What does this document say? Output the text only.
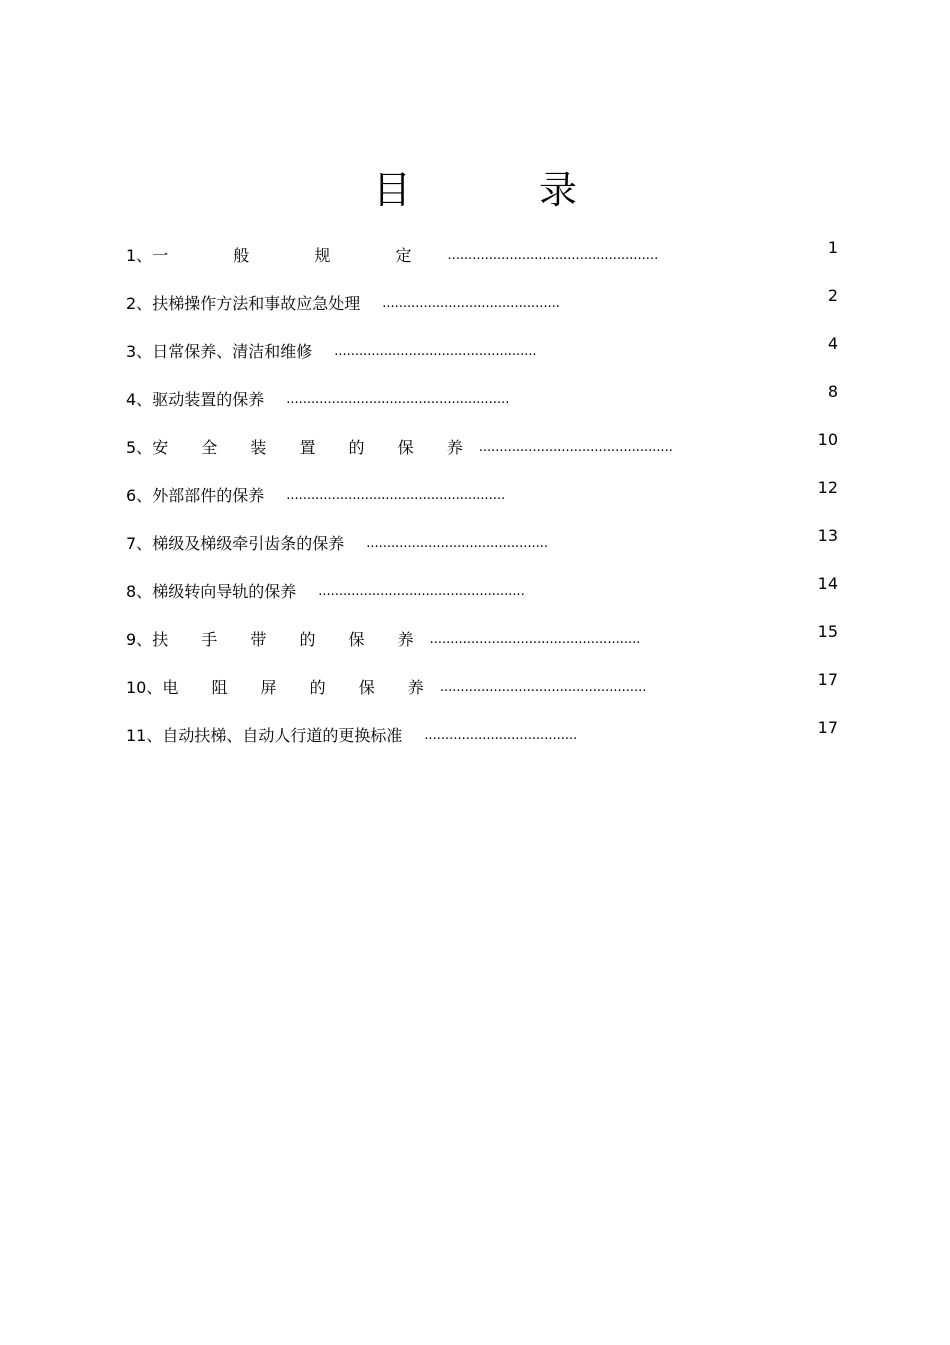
目 录
1、 一 般 规 定 ...................................................	1
2、 扶梯操作方法和事故应急处理 ...........................................	2
3、 日常保养、清洁和维修 .................................................	4
4、 驱动装置的保养 ......................................................	8
5、 安 全 装 置 的 保 养 ...............................................	10
6、 外部部件的保养 .....................................................	12
7、 梯级及梯级牵引齿条的保养 ............................................	13
8、 梯级转向导轨的保养 ..................................................	14
9、 扶 手 带 的 保 养 ...................................................	15
10、 电 阻 屏 的 保 养 ..................................................	17
11、 自动扶梯、自动人行道的更换标准 .....................................	17
